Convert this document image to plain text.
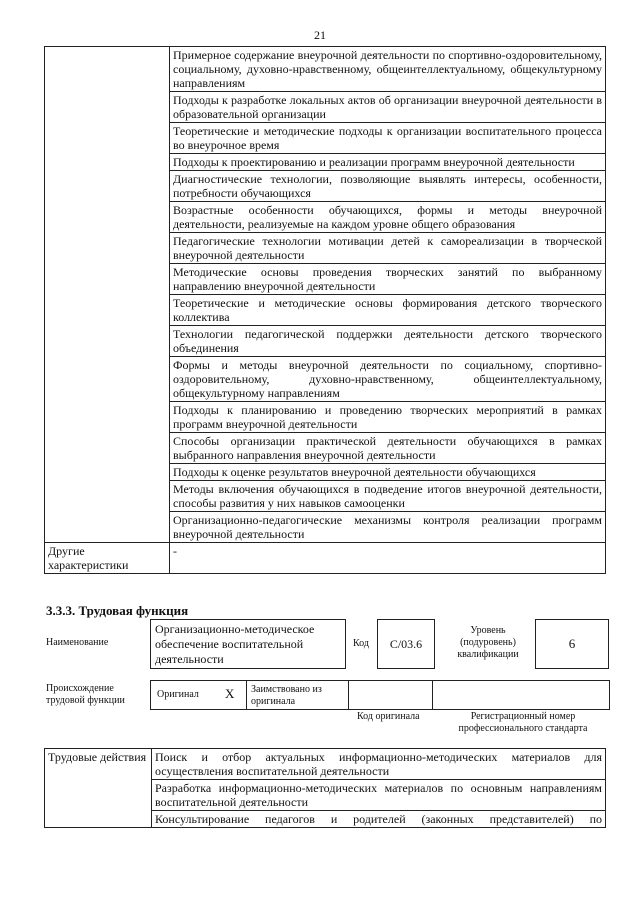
21
	Примерное содержание внеурочной деятельности по спортивно-оздоровительному, социальному, духовно-нравственному, общеинтеллектуальному, общекультурному направлениям
	Подходы к разработке локальных актов об организации внеурочной деятельности в образовательной организации
	Теоретические и методические подходы к организации воспитательного процесса во внеурочное время
	Подходы к проектированию и реализации программ внеурочной деятельности
	Диагностические технологии, позволяющие выявлять интересы, особенности, потребности обучающихся
	Возрастные особенности обучающихся, формы и методы внеурочной деятельности, реализуемые на каждом уровне общего образования
	Педагогические технологии мотивации детей к самореализации в творческой внеурочной деятельности
	Методические основы проведения творческих занятий по выбранному направлению внеурочной деятельности
	Теоретические и методические основы формирования детского творческого коллектива
	Технологии педагогической поддержки деятельности детского творческого объединения
	Формы и методы внеурочной деятельности по социальному, спортивно-оздоровительному, духовно-нравственному, общеинтеллектуальному, общекультурному направлениям
	Подходы к планированию и проведению творческих мероприятий в рамках программ внеурочной деятельности
	Способы организации практической деятельности обучающихся в рамках выбранного направления внеурочной деятельности
	Подходы к оценке результатов внеурочной деятельности обучающихся
	Методы включения обучающихся в подведение итогов внеурочной деятельности, способы развития у них навыков самооценки
	Организационно-педагогические механизмы контроля реализации программ внеурочной деятельности
Другие характеристики	-
3.3.3. Трудовая функция
Наименование
Организационно-методическое обеспечение воспитательной деятельности
Код С/03.6
Уровень (подуровень) квалификации
6
Происхождение трудовой функции
Оригинал X Заимствовано из оригинала
Код оригинала	Регистрационный номер профессионального стандарта
Трудовые действия	Поиск и отбор актуальных информационно-методических материалов для осуществления воспитательной деятельности
Разработка информационно-методических материалов по основным направлениям воспитательной деятельности
Консультирование педагогов и родителей (законных представителей) по
